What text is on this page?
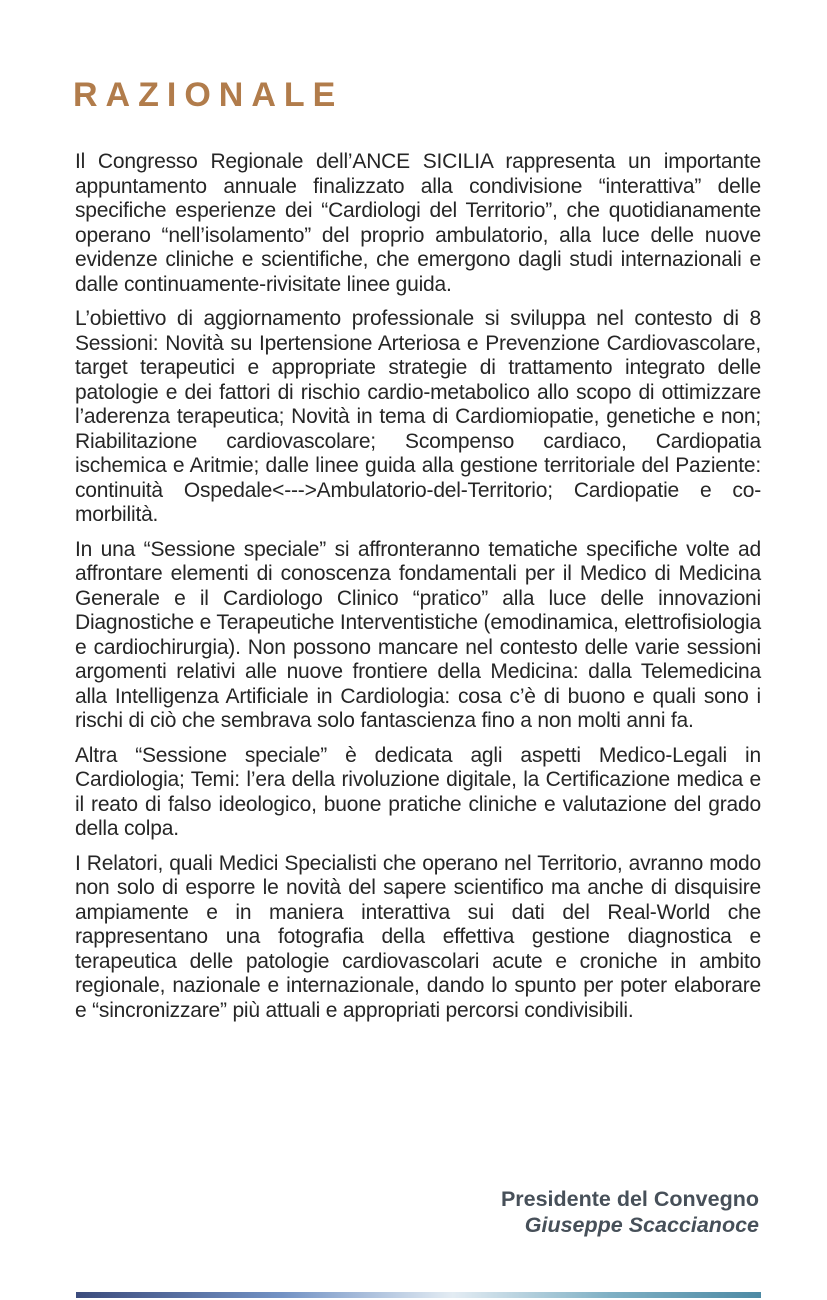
RAZIONALE

Il Congresso Regionale dell’ANCE SICILIA rappresenta un importante appuntamento annuale finalizzato alla condivisione “interattiva” delle specifiche esperienze dei “Cardiologi del Territorio”, che quotidianamente operano “nell’isolamento” del proprio ambulatorio, alla luce delle nuove evidenze cliniche e scientifiche, che emergono dagli studi internazionali e dalle continuamente-rivisitate linee guida.

L’obiettivo di aggiornamento professionale si sviluppa nel contesto di 8 Sessioni: Novità su Ipertensione Arteriosa e Prevenzione Cardiovascolare, target terapeutici e appropriate strategie di trattamento integrato delle patologie e dei fattori di rischio cardio-metabolico allo scopo di ottimizzare l’aderenza terapeutica; Novità in tema di Cardiomiopatie, genetiche e non; Riabilitazione cardiovascolare; Scompenso cardiaco, Cardiopatia ischemica e Aritmie; dalle linee guida alla gestione territoriale del Paziente: continuità Ospedale<--->Ambulatorio-del-Territorio; Cardiopatie e co-morbilità.

In una “Sessione speciale” si affronteranno tematiche specifiche volte ad affrontare elementi di conoscenza fondamentali per il Medico di Medicina Generale e il Cardiologo Clinico “pratico” alla luce delle innovazioni Diagnostiche e Terapeutiche Interventistiche (emodinamica, elettrofisiologia e cardiochirurgia). Non possono mancare nel contesto delle varie sessioni argomenti relativi alle nuove frontiere della Medicina: dalla Telemedicina alla Intelligenza Artificiale in Cardiologia: cosa c’è di buono e quali sono i rischi di ciò che sembrava solo fantascienza fino a non molti anni fa.

Altra “Sessione speciale” è dedicata agli aspetti Medico-Legali in Cardiologia; Temi: l’era della rivoluzione digitale, la Certificazione medica e il reato di falso ideologico, buone pratiche cliniche e valutazione del grado della colpa.

I Relatori, quali Medici Specialisti che operano nel Territorio, avranno modo non solo di esporre le novità del sapere scientifico ma anche di disquisire ampiamente e in maniera interattiva sui dati del Real-World che rappresentano una fotografia della effettiva gestione diagnostica e terapeutica delle patologie cardiovascolari acute e croniche in ambito regionale, nazionale e internazionale, dando lo spunto per poter elaborare e “sincronizzare” più attuali e appropriati percorsi condivisibili.

Presidente del Convegno
Giuseppe Scaccianoce
